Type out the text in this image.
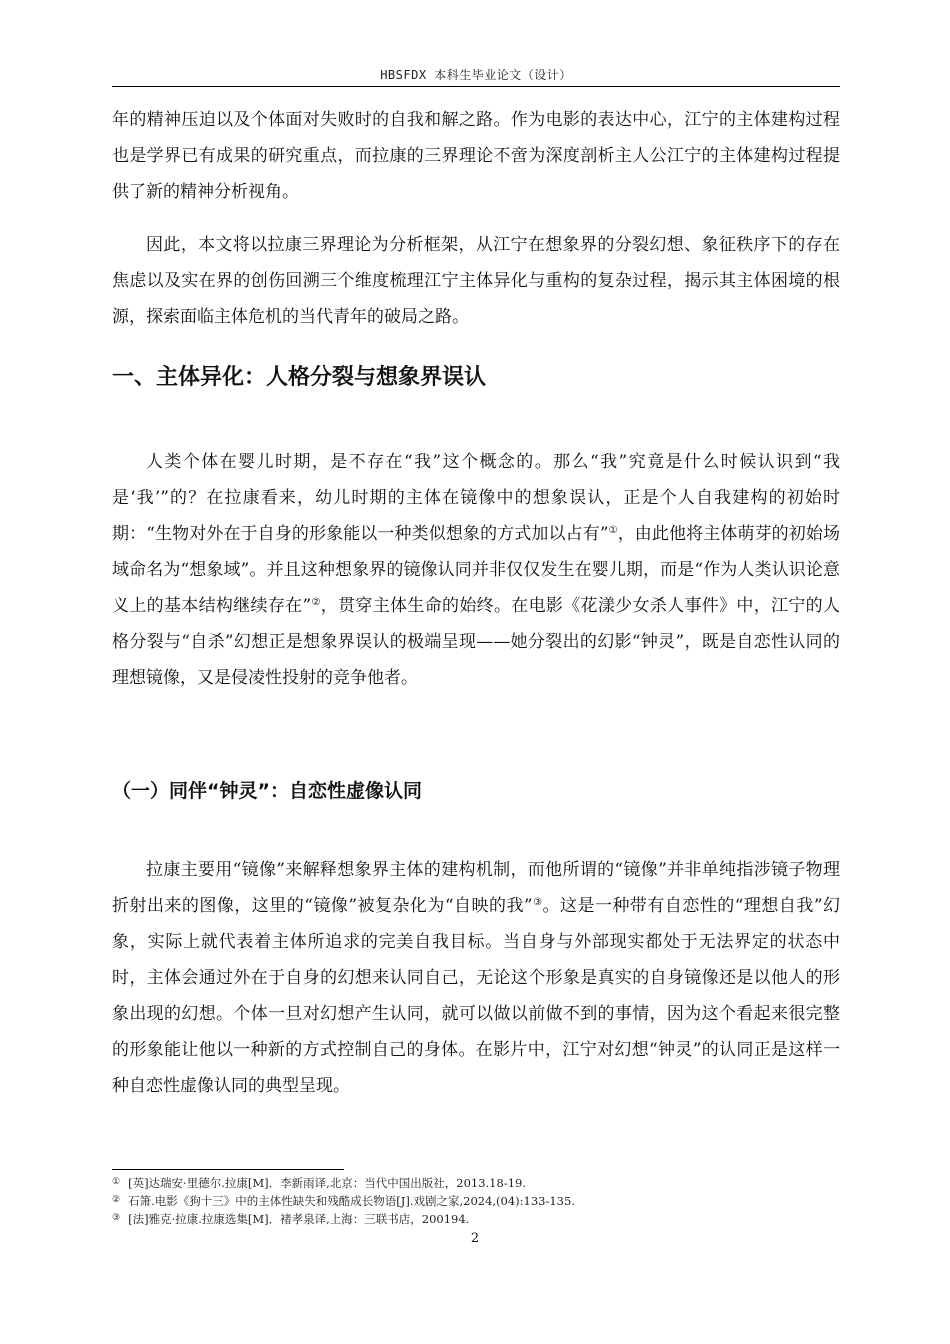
HBSFDX 本科生毕业论文（设计）

年的精神压迫以及个体面对失败时的自我和解之路。作为电影的表达中心，江宁的主体建构过程也是学界已有成果的研究重点，而拉康的三界理论不啻为深度剖析主人公江宁的主体建构过程提供了新的精神分析视角。

因此，本文将以拉康三界理论为分析框架，从江宁在想象界的分裂幻想、象征秩序下的存在焦虑以及实在界的创伤回溯三个维度梳理江宁主体异化与重构的复杂过程，揭示其主体困境的根源，探索面临主体危机的当代青年的破局之路。

一、主体异化：人格分裂与想象界误认

人类个体在婴儿时期，是不存在“我”这个概念的。那么“我”究竟是什么时候认识到“我是‘我’”的？在拉康看来，幼儿时期的主体在镜像中的想象误认，正是个人自我建构的初始时期：“生物对外在于自身的形象能以一种类似想象的方式加以占有”①，由此他将主体萌芽的初始场域命名为“想象域”。并且这种想象界的镜像认同并非仅仅发生在婴儿期，而是“作为人类认识论意义上的基本结构继续存在”②，贯穿主体生命的始终。在电影《花漾少女杀人事件》中，江宁的人格分裂与“自杀”幻想正是想象界误认的极端呈现——她分裂出的幻影“钟灵”，既是自恋性认同的理想镜像，又是侵凌性投射的竞争他者。

（一）同伴“钟灵”：自恋性虚像认同

拉康主要用“镜像”来解释想象界主体的建构机制，而他所谓的“镜像”并非单纯指涉镜子物理折射出来的图像，这里的“镜像”被复杂化为“自映的我”③。这是一种带有自恋性的“理想自我”幻象，实际上就代表着主体所追求的完美自我目标。当自身与外部现实都处于无法界定的状态中时，主体会通过外在于自身的幻想来认同自己，无论这个形象是真实的自身镜像还是以他人的形象出现的幻想。个体一旦对幻想产生认同，就可以做以前做不到的事情，因为这个看起来很完整的形象能让他以一种新的方式控制自己的身体。在影片中，江宁对幻想“钟灵”的认同正是这样一种自恋性虚像认同的典型呈现。

① [英]达瑞安·里德尔.拉康[M]．李新雨译,北京：当代中国出版社，2013.18-19.

② 石箫.电影《狗十三》中的主体性缺失和残酷成长物语[J].戏剧之家,2024,(04):133-135.

③ [法]雅克·拉康.拉康选集[M]．褚孝泉译,上海：三联书店，200194.

2
